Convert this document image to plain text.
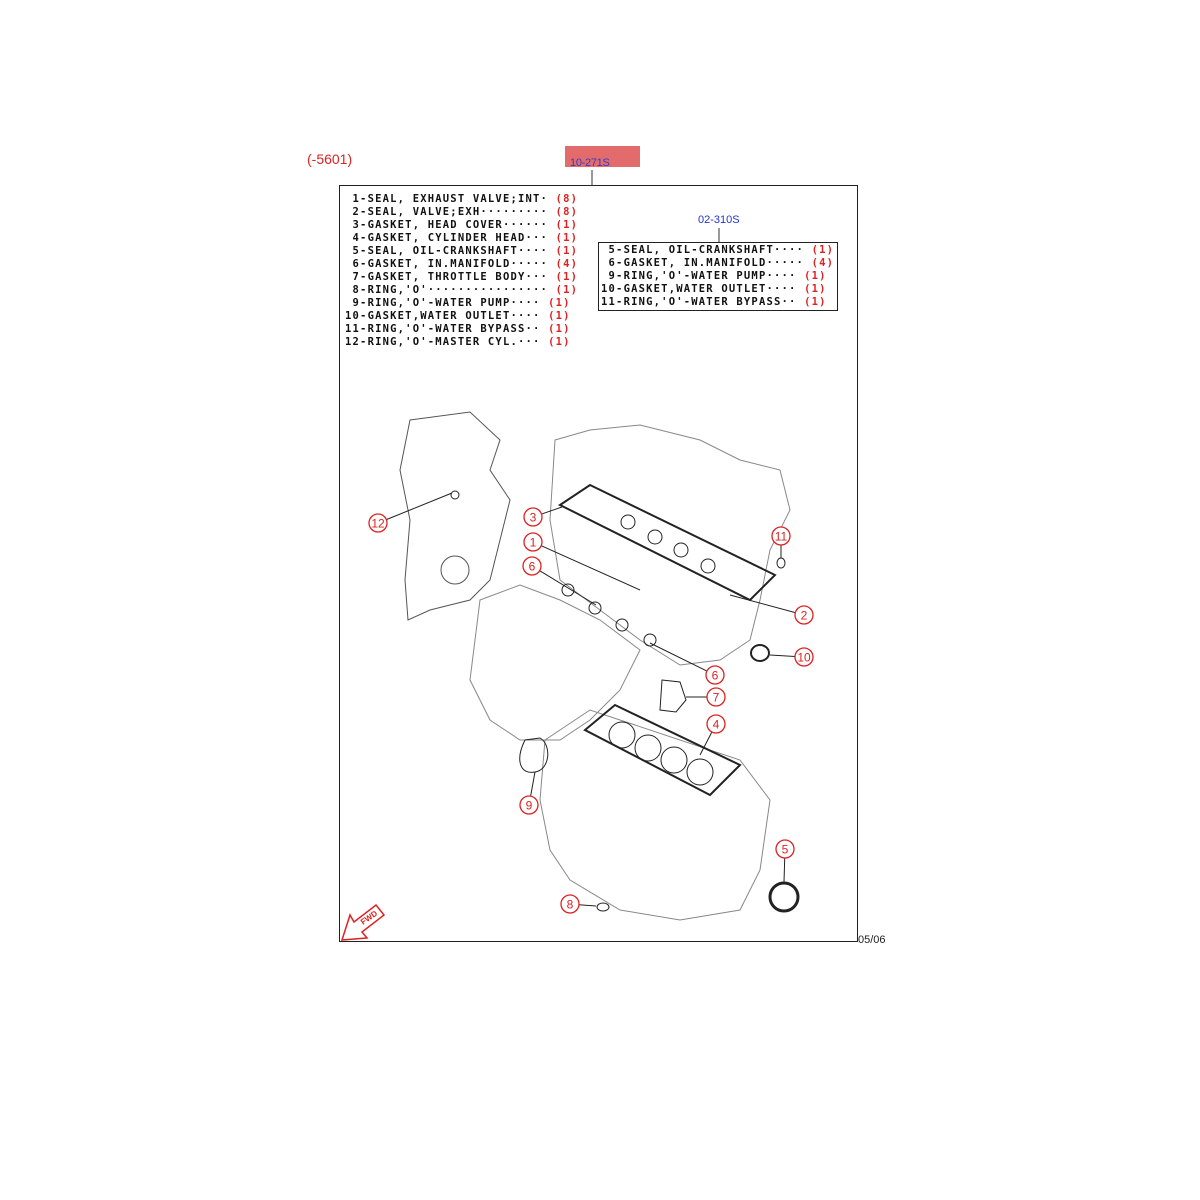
(-5601)	10-271S
12	3
1
6
11
2
10
6
7
4
9
5
8
FWD
1-SEAL, EXHAUST VALVE;INT· (8)
2-SEAL, VALVE;EXH········· (8)
3-GASKET, HEAD COVER······ (1)
4-GASKET, CYLINDER HEAD··· (1)
5-SEAL, OIL-CRANKSHAFT···· (1)
6-GASKET, IN.MANIFOLD····· (4)
7-GASKET, THROTTLE BODY··· (1)
8-RING,'O'················ (1)
9-RING,'O'-WATER PUMP···· (1)
10-GASKET,WATER OUTLET···· (1)
11-RING,'O'-WATER BYPASS·· (1)
12-RING,'O'-MASTER CYL.··· (1)
02-310S
5-SEAL, OIL-CRANKSHAFT···· (1)
6-GASKET, IN.MANIFOLD····· (4)
9-RING,'O'-WATER PUMP···· (1)
10-GASKET,WATER OUTLET···· (1)
11-RING,'O'-WATER BYPASS·· (1)
05/06
